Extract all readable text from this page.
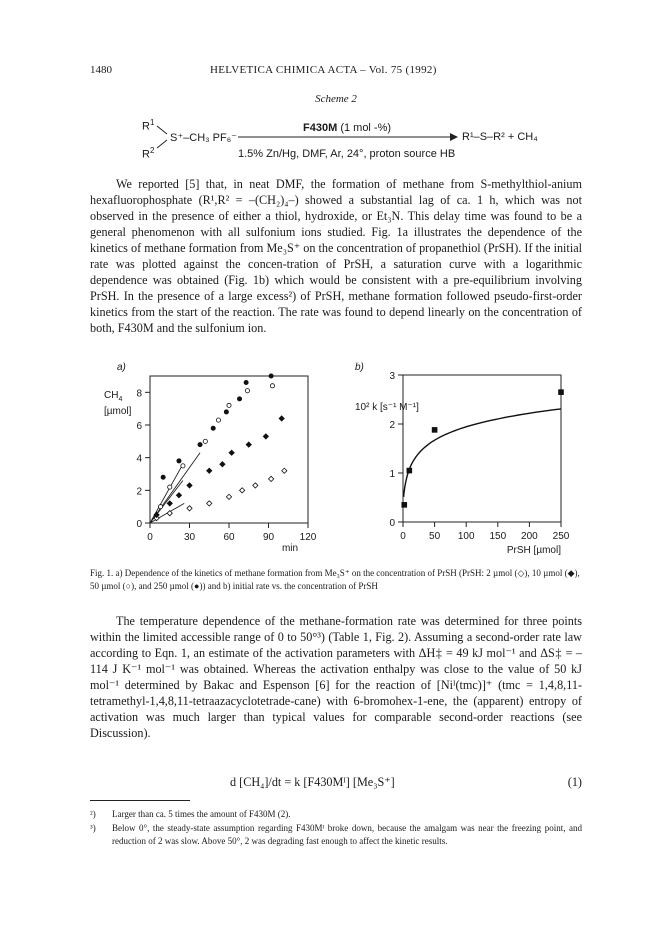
1480	HELVETICA CHIMICA ACTA – Vol. 75 (1992)
Scheme 2
$R^1$
$R^2$
S⁺–CH₃ PF₆⁻
F430M (1 mol -%)
1.5% Zn/Hg, DMF, Ar, 24°, proton source HB
R¹–S–R² + CH₄

We reported [5] that, in neat DMF, the formation of methane from S-methylthiol-anium hexafluorophosphate (R¹,R² = –(CH₂)₄–) showed a substantial lag of ca. 1 h, which was not observed in the presence of either a thiol, hydroxide, or Et₃N. This delay time was found to be a general phenomenon with all sulfonium ions studied. Fig. 1a illustrates the dependence of the kinetics of methane formation from Me₃S⁺ on the concentration of propanethiol (PrSH). If the initial rate was plotted against the concen-tration of PrSH, a saturation curve with a logarithmic dependence was obtained (Fig. 1b) which would be consistent with a pre-equilibrium involving PrSH. In the presence of a large excess²) of PrSH, methane formation followed pseudo-first-order kinetics from the start of the reaction. The rate was found to depend linearly on the concentration of both, F430M and the sulfonium ion.

a)
0	30	60	90	120
0
2
4
6
8
$CH_4$
[µmol]
min
b)
0 50 100 150 200 250
0
1
2
3
10² k [s⁻¹ M⁻¹]
PrSH [µmol]
Fig. 1. a) Dependence of the kinetics of methane formation from Me₃S⁺ on the concentration of PrSH (PrSH: 2 µmol (◇), 10 µmol (◆), 50 µmol (○), and 250 µmol (●)) and b) initial rate vs. the concentration of PrSH

The temperature dependence of the methane-formation rate was determined for three points within the limited accessible range of 0 to 50°³) (Table 1, Fig. 2). Assuming a second-order rate law according to Eqn. 1, an estimate of the activation parameters with ΔH‡ = 49 kJ mol⁻¹ and ΔS‡ = –114 J K⁻¹ mol⁻¹ was obtained. Whereas the activation enthalpy was close to the value of 50 kJ mol⁻¹ determined by Bakac and Espenson [6] for the reaction of [Niᴵ(tmc)]⁺ (tmc = 1,4,8,11-tetramethyl-1,4,8,11-tetraazacyclotetrade-cane) with 6-bromohex-1-ene, the (apparent) entropy of activation was much larger than typical values for comparable second-order reactions (see Discussion).

d [CH₄]/dt = k [F430Mᴵ] [Me₃S⁺]	(1)
²) Larger than ca. 5 times the amount of F430M (2).
³) Below 0°, the steady-state assumption regarding F430Mᴵ broke down, because the amalgam was near the freezing point, and reduction of 2 was slow. Above 50°, 2 was degrading fast enough to affect the kinetic results.
